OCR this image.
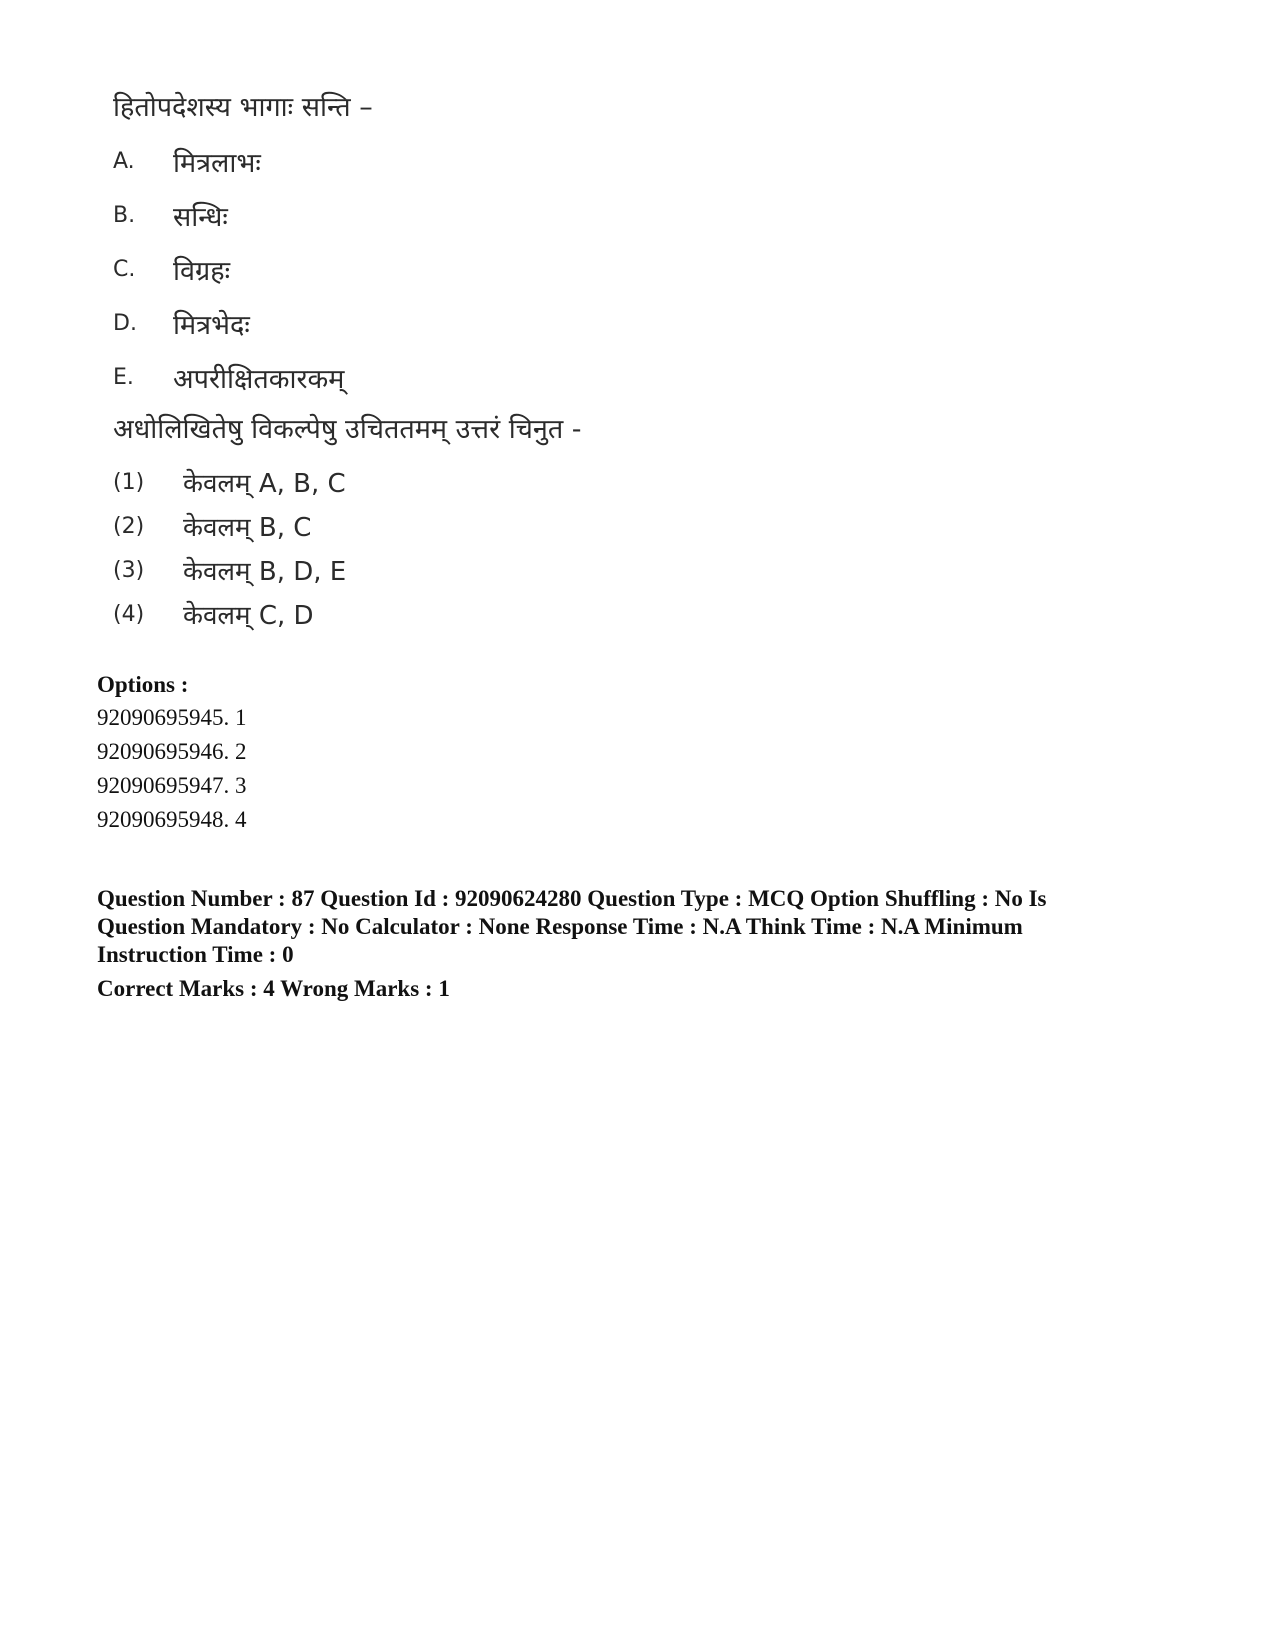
हितोपदेशस्य भागाः सन्ति –

A.	मित्रलाभः
B.	सन्धिः
C.	विग्रहः
D.	मित्रभेदः
E.	अपरीक्षितकारकम्

अधोलिखितेषु विकल्पेषु उचिततमम् उत्तरं चिनुत -

(1)	केवलम् A, B, C
(2)	केवलम् B, C
(3)	केवलम् B, D, E
(4)	केवलम् C, D
Options :
92090695945. 1
92090695946. 2
92090695947. 3
92090695948. 4
Question Number : 87 Question Id : 92090624280 Question Type : MCQ Option Shuffling : No Is
Question Mandatory : No Calculator : None Response Time : N.A Think Time : N.A Minimum
Instruction Time : 0
Correct Marks : 4 Wrong Marks : 1
